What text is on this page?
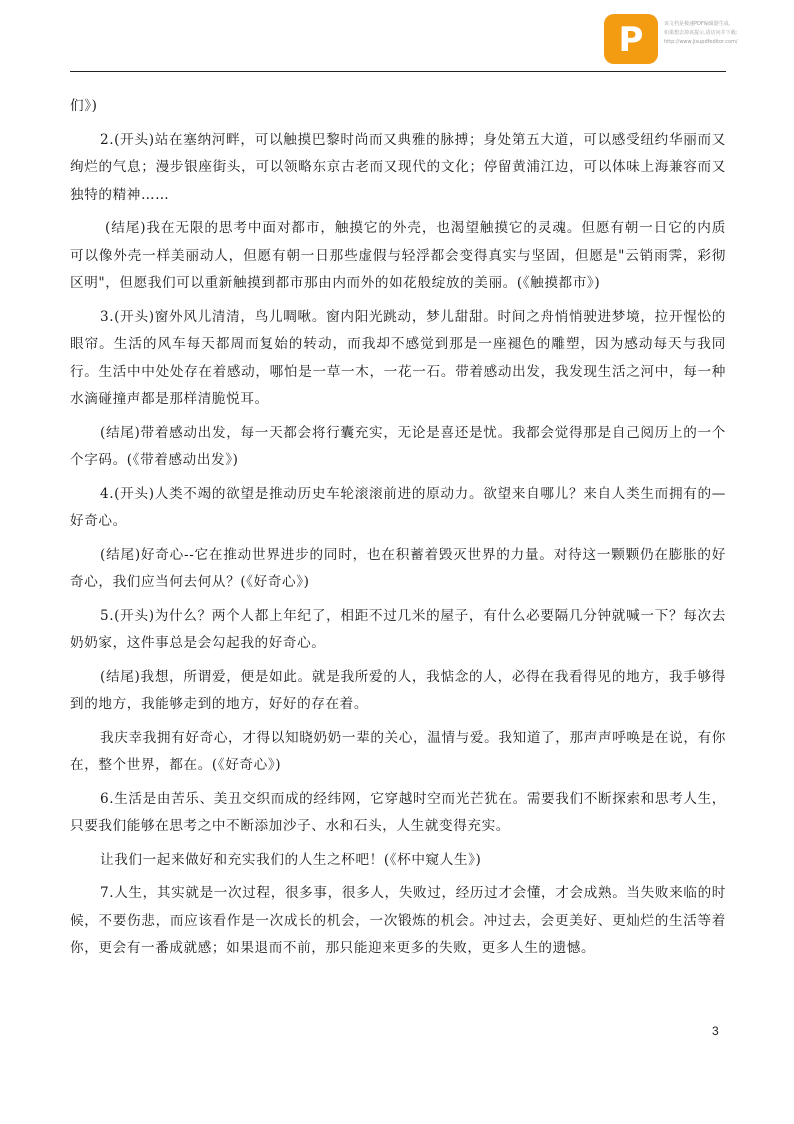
P	该文档是极速PDF编辑器生成,
如果想去掉该提示,请访问并下载:
http://www.jisupdfeditor.com/

们》)

2.(开头)站在塞纳河畔，可以触摸巴黎时尚而又典雅的脉搏；身处第五大道，可以感受纽约华丽而又绚烂的气息；漫步银座街头，可以领略东京古老而又现代的文化；停留黄浦江边，可以体味上海兼容而又独特的精神……

(结尾)我在无限的思考中面对都市，触摸它的外壳，也渴望触摸它的灵魂。但愿有朝一日它的内质可以像外壳一样美丽动人，但愿有朝一日那些虚假与轻浮都会变得真实与坚固，但愿是"云销雨霁，彩彻区明"，但愿我们可以重新触摸到都市那由内而外的如花般绽放的美丽。(《触摸都市》)

3.(开头)窗外风儿清清，鸟儿啁啾。窗内阳光跳动，梦儿甜甜。时间之舟悄悄驶进梦境，拉开惺忪的眼帘。生活的风车每天都周而复始的转动，而我却不感觉到那是一座褪色的雕塑，因为感动每天与我同行。生活中中处处存在着感动，哪怕是一草一木，一花一石。带着感动出发，我发现生活之河中，每一种水滴碰撞声都是那样清脆悦耳。

(结尾)带着感动出发，每一天都会将行囊充实，无论是喜还是忧。我都会觉得那是自己阅历上的一个个字码。(《带着感动出发》)

4.(开头)人类不竭的欲望是推动历史车轮滚滚前进的原动力。欲望来自哪儿？来自人类生而拥有的—好奇心。

(结尾)好奇心--它在推动世界进步的同时，也在积蓄着毁灭世界的力量。对待这一颗颗仍在膨胀的好奇心，我们应当何去何从？(《好奇心》)

5.(开头)为什么？两个人都上年纪了，相距不过几米的屋子，有什么必要隔几分钟就喊一下？每次去奶奶家，这件事总是会勾起我的好奇心。

(结尾)我想，所谓爱，便是如此。就是我所爱的人，我惦念的人，必得在我看得见的地方，我手够得到的地方，我能够走到的地方，好好的存在着。

我庆幸我拥有好奇心，才得以知晓奶奶一辈的关心，温情与爱。我知道了，那声声呼唤是在说，有你在，整个世界，都在。(《好奇心》)

6.生活是由苦乐、美丑交织而成的经纬网，它穿越时空而光芒犹在。需要我们不断探索和思考人生，只要我们能够在思考之中不断添加沙子、水和石头，人生就变得充实。

让我们一起来做好和充实我们的人生之杯吧！(《杯中窥人生》)

7.人生，其实就是一次过程，很多事，很多人，失败过，经历过才会懂，才会成熟。当失败来临的时候，不要伤悲，而应该看作是一次成长的机会，一次锻炼的机会。冲过去，会更美好、更灿烂的生活等着你，更会有一番成就感；如果退而不前，那只能迎来更多的失败，更多人生的遗憾。

3
